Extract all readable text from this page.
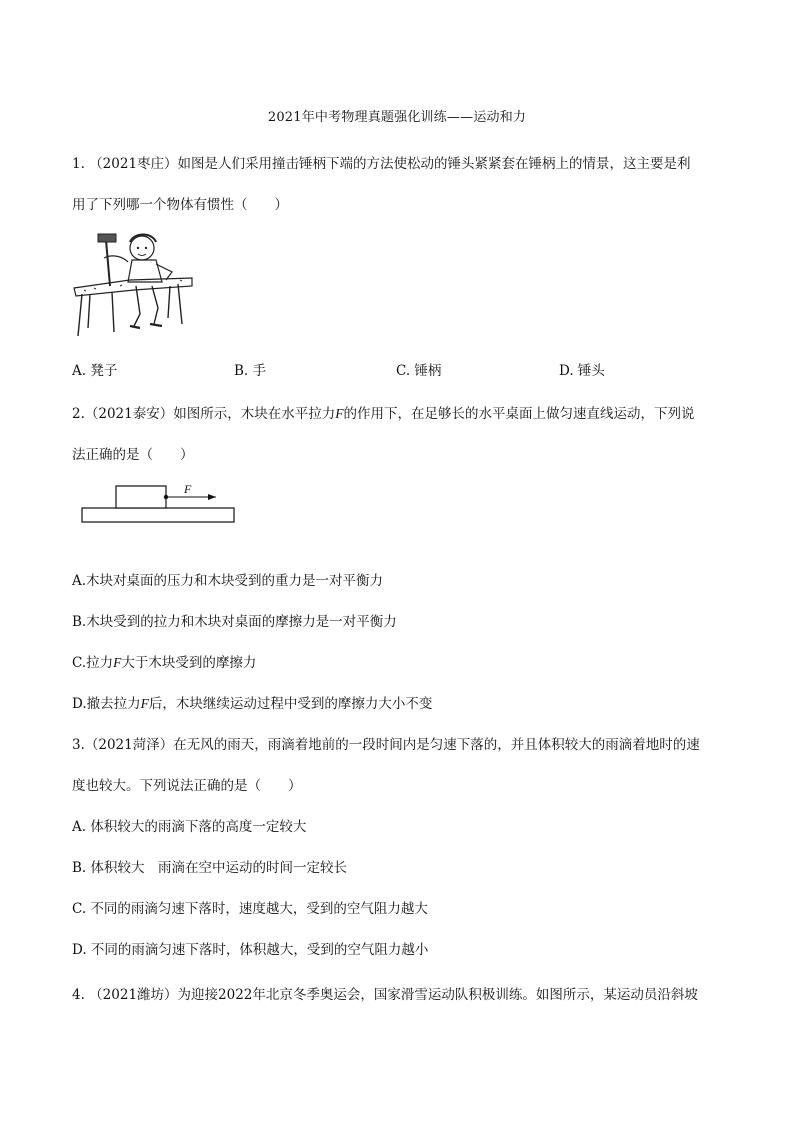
2021年中考物理真题强化训练——运动和力
1. （2021枣庄）如图是人们采用撞击锤柄下端的方法使松动的锤头紧紧套在锤柄上的情景，这主要是利
用了下列哪一个物体有惯性（　　）
A. 凳子	B. 手	C. 锤柄	D. 锤头
2.（2021泰安）如图所示，木块在水平拉力F的作用下，在足够长的水平桌面上做匀速直线运动，下列说
法正确的是（　　）
F
A.木块对桌面的压力和木块受到的重力是一对平衡力
B.木块受到的拉力和木块对桌面的摩擦力是一对平衡力
C.拉力F大于木块受到的摩擦力
D.撤去拉力F后，木块继续运动过程中受到的摩擦力大小不变
3.（2021菏泽）在无风的雨天，雨滴着地前的一段时间内是匀速下落的，并且体积较大的雨滴着地时的速
度也较大。下列说法正确的是（　　）
A. 体积较大的雨滴下落的高度一定较大
B. 体积较大　雨滴在空中运动的时间一定较长
C. 不同的雨滴匀速下落时，速度越大，受到的空气阻力越大
D. 不同的雨滴匀速下落时，体积越大，受到的空气阻力越小
4. （2021潍坊）为迎接2022年北京冬季奥运会，国家滑雪运动队积极训练。如图所示，某运动员沿斜坡
